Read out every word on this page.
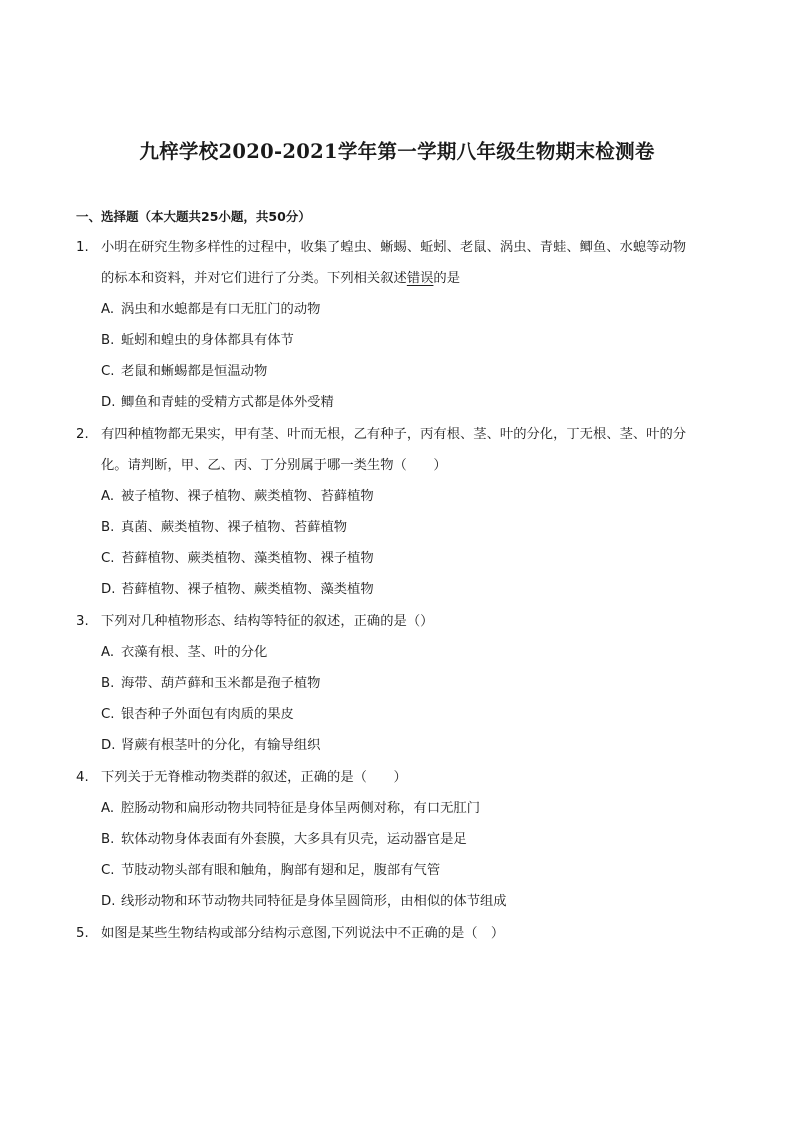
九梓学校2020-2021学年第一学期八年级生物期末检测卷
一、选择题（本大题共25小题，共50分）
1. 小明在研究生物多样性的过程中，收集了蝗虫、蜥蜴、蚯蚓、老鼠、涡虫、青蛙、鲫鱼、水螅等动物
的标本和资料，并对它们进行了分类。下列相关叙述错误的是
A. 涡虫和水螅都是有口无肛门的动物
B. 蚯蚓和蝗虫的身体都具有体节
C. 老鼠和蜥蜴都是恒温动物
D. 鲫鱼和青蛙的受精方式都是体外受精
2. 有四种植物都无果实，甲有茎、叶而无根，乙有种子，丙有根、茎、叶的分化，丁无根、茎、叶的分
化。请判断，甲、乙、丙、丁分别属于哪一类生物（　　）
A. 被子植物、裸子植物、蕨类植物、苔藓植物
B. 真菌、蕨类植物、裸子植物、苔藓植物
C. 苔藓植物、蕨类植物、藻类植物、裸子植物
D. 苔藓植物、裸子植物、蕨类植物、藻类植物
3. 下列对几种植物形态、结构等特征的叙述，正确的是（）
A. 衣藻有根、茎、叶的分化
B. 海带、葫芦藓和玉米都是孢子植物
C. 银杏种子外面包有肉质的果皮
D. 肾蕨有根茎叶的分化，有输导组织
4. 下列关于无脊椎动物类群的叙述，正确的是（　　）
A. 腔肠动物和扁形动物共同特征是身体呈两侧对称，有口无肛门
B. 软体动物身体表面有外套膜，大多具有贝壳，运动器官是足
C. 节肢动物头部有眼和触角，胸部有翅和足，腹部有气管
D. 线形动物和环节动物共同特征是身体呈圆筒形，由相似的体节组成
5. 如图是某些生物结构或部分结构示意图,下列说法中不正确的是（　）
